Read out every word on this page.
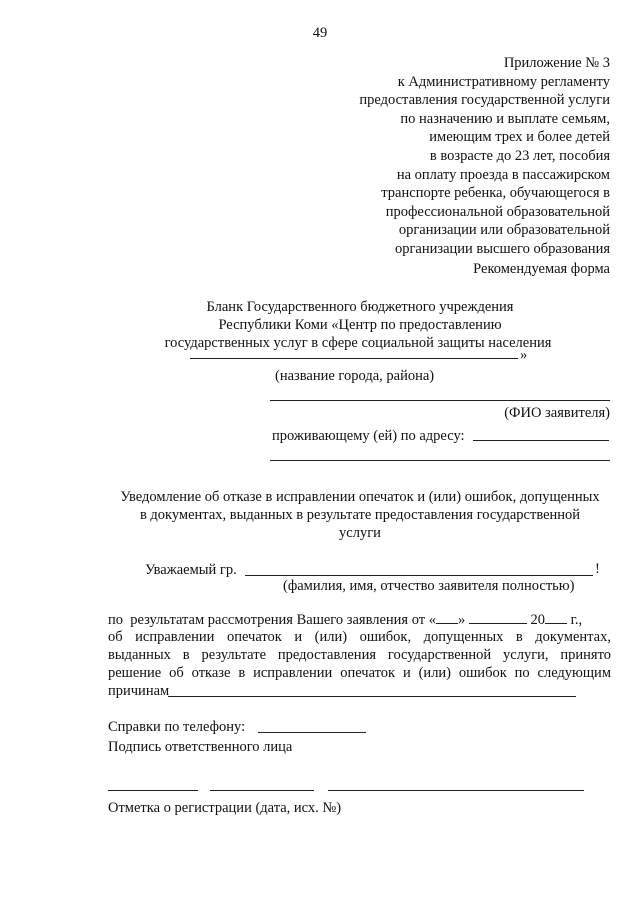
49
Приложение № 3
к Административному регламенту
предоставления государственной услуги
по назначению и выплате семьям,
имеющим трех и более детей
в возрасте до 23 лет, пособия
на оплату проезда в пассажирском
транспорте ребенка, обучающегося в
профессиональной образовательной
организации или образовательной
организации высшего образования
Рекомендуемая форма
Бланк Государственного бюджетного учреждения
Республики Коми «Центр по предоставлению
государственных услуг в сфере социальной защиты населения
»
(название города, района)
(ФИО заявителя)
проживающему (ей) по адресу:
Уведомление об отказе в исправлении опечаток и (или) ошибок, допущенных
в документах, выданных в результате предоставления государственной
услуги
Уважаемый гр.	!
(фамилия, имя, отчество заявителя полностью)
по  результатам рассмотрения Вашего заявления от « »	20 г.,
об исправлении опечаток и (или) ошибок, допущенных в документах,
выданных в результате предоставления государственной услуги, принято
решение об отказе в исправлении опечаток и (или) ошибок по следующим
причинам
Справки по телефону:
Подпись ответственного лица
Отметка о регистрации (дата, исх. №)
